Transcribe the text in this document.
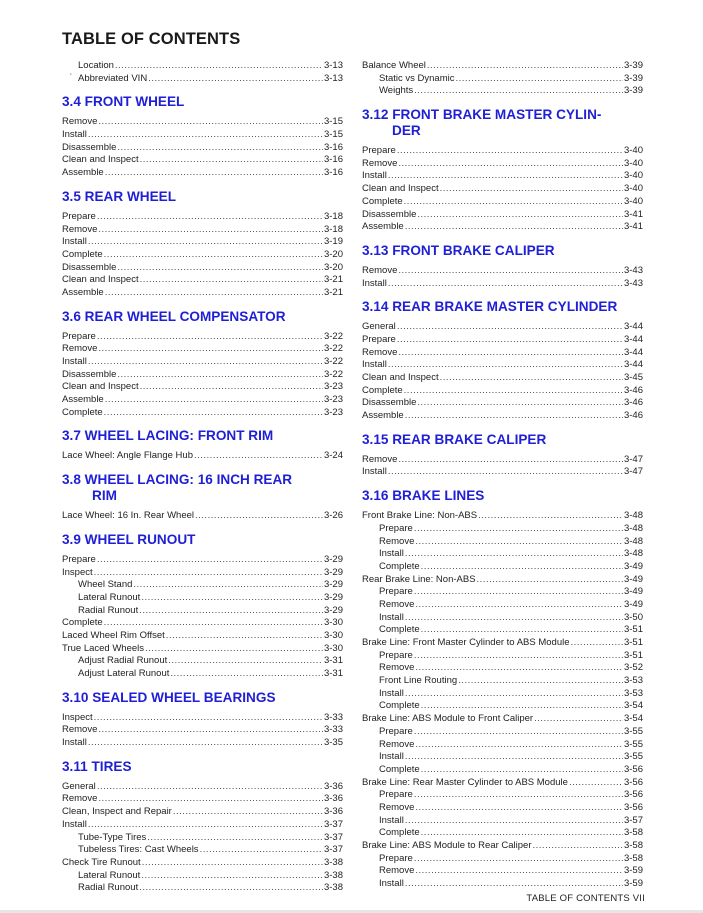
TABLE OF CONTENTS
ʻ
Location .....	3-13
Abbreviated VIN .....	3-13
3.4 FRONT WHEEL
Remove .....	3-15
Install .....	3-15
Disassemble .....	3-16
Clean and Inspect .....	3-16
Assemble .....	3-16
3.5 REAR WHEEL
Prepare .....	3-18
Remove .....	3-18
Install .....	3-19
Complete .....	3-20
Disassemble .....	3-20
Clean and Inspect .....	3-21
Assemble .....	3-21
3.6 REAR WHEEL COMPENSATOR
Prepare .....	3-22
Remove .....	3-22
Install .....	3-22
Disassemble .....	3-22
Clean and Inspect .....	3-23
Assemble .....	3-23
Complete .....	3-23
3.7 WHEEL LACING: FRONT RIM
Lace Wheel: Angle Flange Hub .....	3-24
3.8 WHEEL LACING: 16 INCH REAR
RIM
Lace Wheel: 16 In. Rear Wheel .....	3-26
3.9 WHEEL RUNOUT
Prepare .....	3-29
Inspect .....	3-29
Wheel Stand .....	3-29
Lateral Runout .....	3-29
Radial Runout .....	3-29
Complete .....	3-30
Laced Wheel Rim Offset .....	3-30
True Laced Wheels .....	3-30
Adjust Radial Runout .....	3-31
Adjust Lateral Runout .....	3-31
3.10 SEALED WHEEL BEARINGS
Inspect .....	3-33
Remove .....	3-33
Install .....	3-35
3.11 TIRES
General .....	3-36
Remove .....	3-36
Clean, Inspect and Repair .....	3-36
Install .....	3-37
Tube-Type Tires .....	3-37
Tubeless Tires: Cast Wheels .....	3-37
Check Tire Runout .....	3-38
Lateral Runout .....	3-38
Radial Runout .....	3-38
Balance Wheel .....	3-39
Static vs Dynamic .....	3-39
Weights .....	3-39
3.12 FRONT BRAKE MASTER CYLIN-
DER
Prepare .....	3-40
Remove .....	3-40
Install .....	3-40
Clean and Inspect .....	3-40
Complete .....	3-40
Disassemble .....	3-41
Assemble .....	3-41
3.13 FRONT BRAKE CALIPER
Remove .....	3-43
Install .....	3-43
3.14 REAR BRAKE MASTER CYLINDER
General .....	3-44
Prepare .....	3-44
Remove .....	3-44
Install .....	3-44
Clean and Inspect .....	3-45
Complete .....	3-46
Disassemble .....	3-46
Assemble .....	3-46
3.15 REAR BRAKE CALIPER
Remove .....	3-47
Install .....	3-47
3.16 BRAKE LINES
Front Brake Line: Non-ABS .....	3-48
Prepare .....	3-48
Remove .....	3-48
Install .....	3-48
Complete .....	3-49
Rear Brake Line: Non-ABS .....	3-49
Prepare .....	3-49
Remove .....	3-49
Install .....	3-50
Complete .....	3-51
Brake Line: Front Master Cylinder to ABS Module .....	3-51
Prepare .....	3-51
Remove .....	3-52
Front Line Routing .....	3-53
Install .....	3-53
Complete .....	3-54
Brake Line: ABS Module to Front Caliper .....	3-54
Prepare .....	3-55
Remove .....	3-55
Install .....	3-55
Complete .....	3-56
Brake Line: Rear Master Cylinder to ABS Module .....	3-56
Prepare .....	3-56
Remove .....	3-56
Install .....	3-57
Complete .....	3-58
Brake Line: ABS Module to Rear Caliper .....	3-58
Prepare .....	3-58
Remove .....	3-59
Install .....	3-59
TABLE OF CONTENTS VII
